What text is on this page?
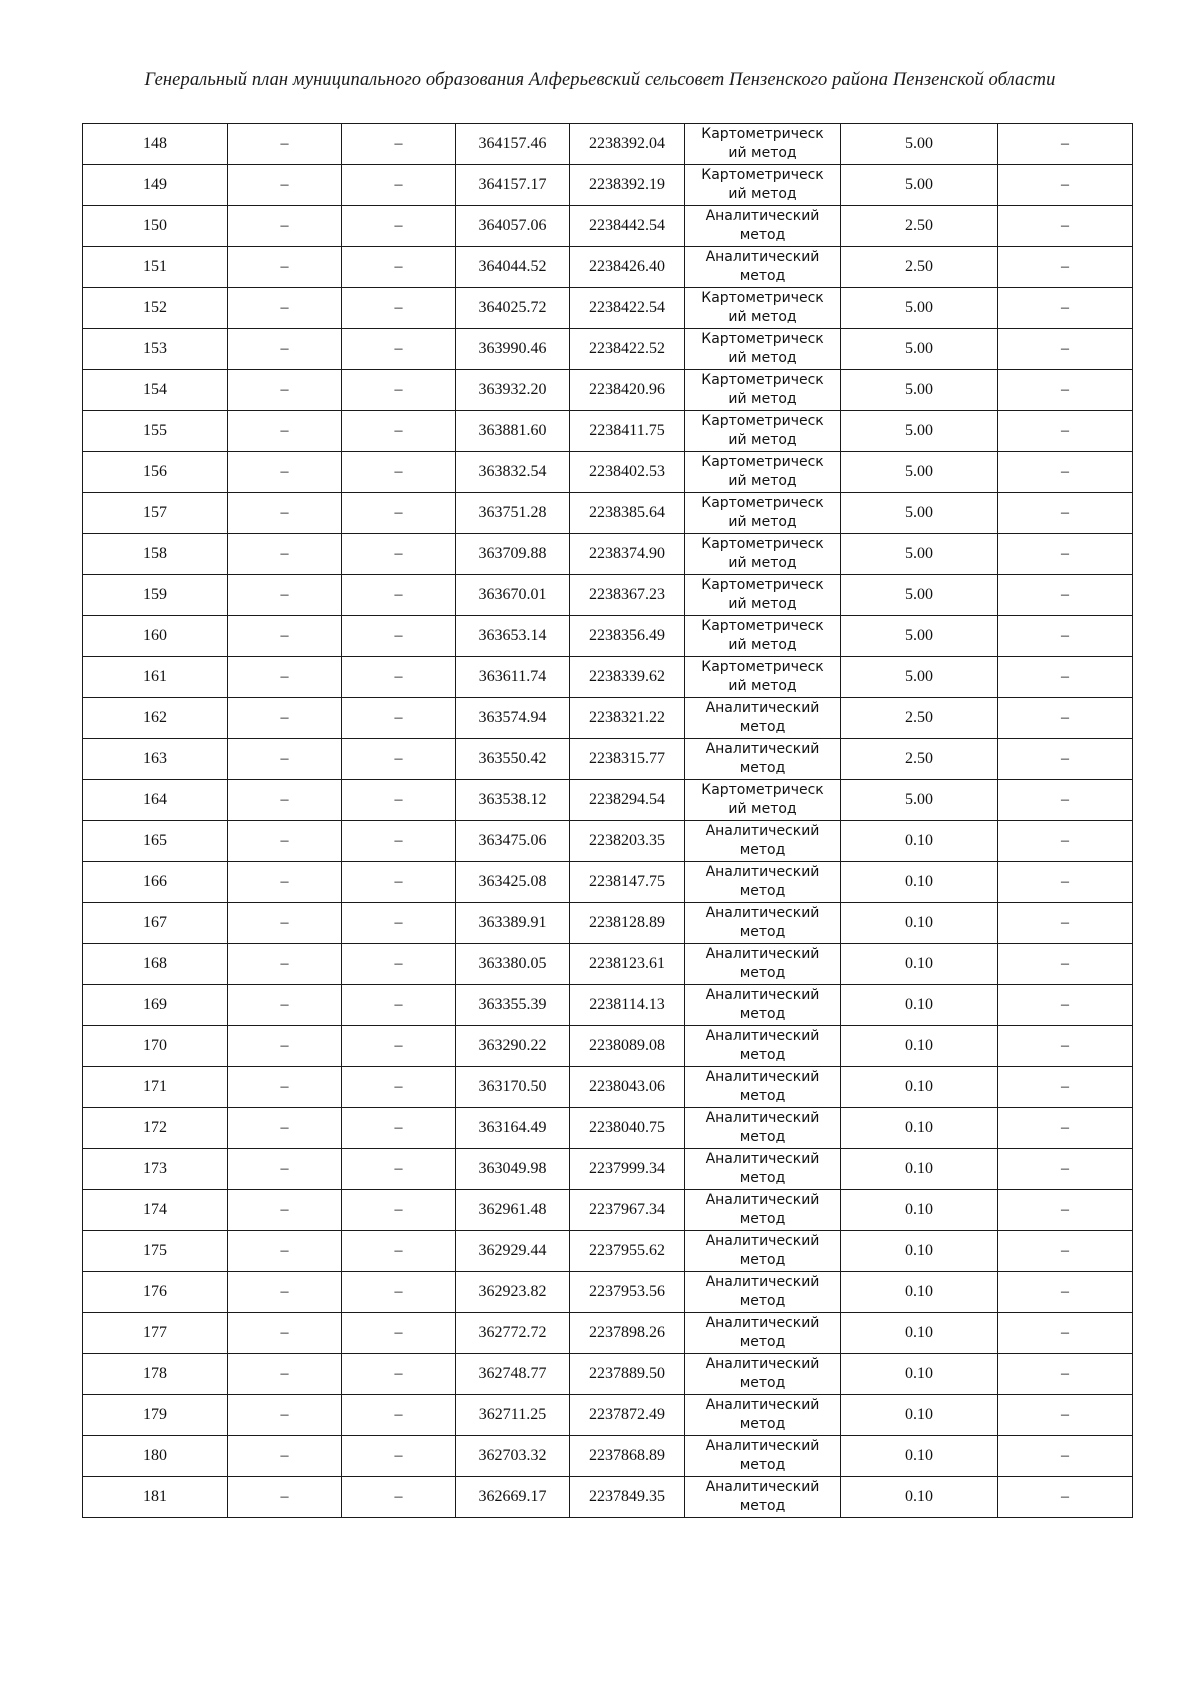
Генеральный план муниципального образования Алферьевский сельсовет Пензенского района Пензенской области
148	–	–	364157.46	2238392.04	Картометрическ
ий метод	5.00	–
149	–	–	364157.17	2238392.19	Картометрическ
ий метод	5.00	–
150	–	–	364057.06	2238442.54	Аналитический
метод	2.50	–
151	–	–	364044.52	2238426.40	Аналитический
метод	2.50	–
152	–	–	364025.72	2238422.54	Картометрическ
ий метод	5.00	–
153	–	–	363990.46	2238422.52	Картометрическ
ий метод	5.00	–
154	–	–	363932.20	2238420.96	Картометрическ
ий метод	5.00	–
155	–	–	363881.60	2238411.75	Картометрическ
ий метод	5.00	–
156	–	–	363832.54	2238402.53	Картометрическ
ий метод	5.00	–
157	–	–	363751.28	2238385.64	Картометрическ
ий метод	5.00	–
158	–	–	363709.88	2238374.90	Картометрическ
ий метод	5.00	–
159	–	–	363670.01	2238367.23	Картометрическ
ий метод	5.00	–
160	–	–	363653.14	2238356.49	Картометрическ
ий метод	5.00	–
161	–	–	363611.74	2238339.62	Картометрическ
ий метод	5.00	–
162	–	–	363574.94	2238321.22	Аналитический
метод	2.50	–
163	–	–	363550.42	2238315.77	Аналитический
метод	2.50	–
164	–	–	363538.12	2238294.54	Картометрическ
ий метод	5.00	–
165	–	–	363475.06	2238203.35	Аналитический
метод	0.10	–
166	–	–	363425.08	2238147.75	Аналитический
метод	0.10	–
167	–	–	363389.91	2238128.89	Аналитический
метод	0.10	–
168	–	–	363380.05	2238123.61	Аналитический
метод	0.10	–
169	–	–	363355.39	2238114.13	Аналитический
метод	0.10	–
170	–	–	363290.22	2238089.08	Аналитический
метод	0.10	–
171	–	–	363170.50	2238043.06	Аналитический
метод	0.10	–
172	–	–	363164.49	2238040.75	Аналитический
метод	0.10	–
173	–	–	363049.98	2237999.34	Аналитический
метод	0.10	–
174	–	–	362961.48	2237967.34	Аналитический
метод	0.10	–
175	–	–	362929.44	2237955.62	Аналитический
метод	0.10	–
176	–	–	362923.82	2237953.56	Аналитический
метод	0.10	–
177	–	–	362772.72	2237898.26	Аналитический
метод	0.10	–
178	–	–	362748.77	2237889.50	Аналитический
метод	0.10	–
179	–	–	362711.25	2237872.49	Аналитический
метод	0.10	–
180	–	–	362703.32	2237868.89	Аналитический
метод	0.10	–
181	–	–	362669.17	2237849.35	Аналитический
метод	0.10	–
